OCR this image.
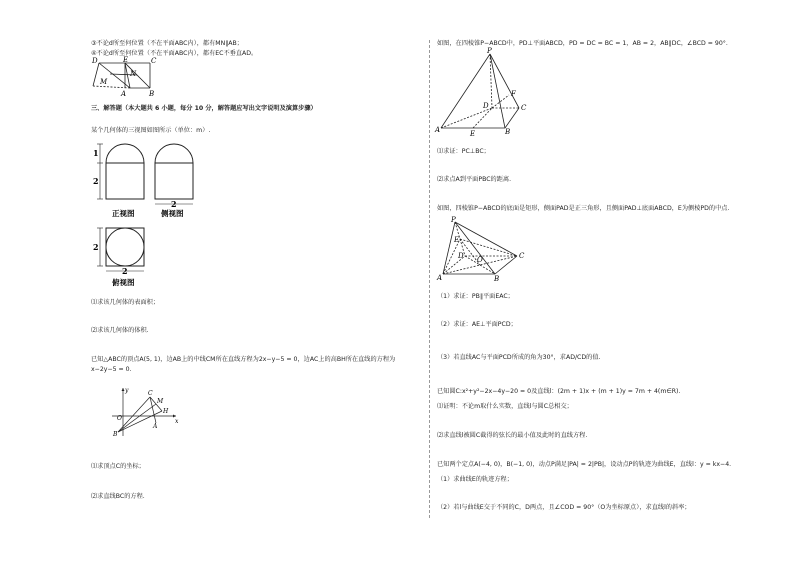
③不论d所至何位置（不在平面ABC内），都有MN∥AB；
④不论d所至何位置（不在平面ABC内），都有EC不垂直AD。
D	E	C
M
N
A	B
三、解答题（本大题共 6 小题，每分 10 分，解答题应写出文字说明及演算步骤）
某个几何体的三视图如图所示（单位：m）.
1
2
2
2
2
正视图	侧视图
俯视图
⑴求该几何体的表面积；
⑵求该几何体的体积.
已知△ABC的顶点A(5, 1)，边AB上的中线CM所在直线方程为2x−y−5 = 0，边AC上的高BH所在直线的方程为
x−2y−5 = 0.
y
x
O
C
M
H
A
B
⑴求顶点C的坐标；
⑵求直线BC的方程.
如图，在四棱锥P−ABCD中，PD⊥平面ABCD，PD = DC = BC = 1，AB = 2，AB∥DC，∠BCD = 90°.
P
F
D	C
A	E	B
⑴求证：PC⊥BC；
⑵求点A到平面PBC的距离.
如图，四棱锥P−ABCD的底面是矩形，侧面PAD是正三角形，且侧面PAD⊥底面ABCD，E为侧棱PD的中点.
P
E
D O	C
A	B
（1）求证：PB∥平面EAC；
（2）求证：AE⊥平面PCD；
（3）若直线AC与平面PCD所成的角为30°，求AD/CD的值.
已知圆C:x²+y²−2x−4y−20 = 0及直线l：(2m + 1)x + (m + 1)y = 7m + 4(m∈R).
⑴证明：不论m取什么实数，直线l与圆C总相交；
⑵求直线l被圆C截得的弦长的最小值及此时的直线方程.
已知两个定点A(−4, 0)，B(−1, 0)，动点P满足|PA| = 2|PB|，设动点P的轨迹为曲线E，直线l：y = kx−4.
（1）求曲线E的轨迹方程；
（2）若l与曲线E交于不同的C，D两点，且∠COD = 90°（O为坐标原点），求直线l的斜率；
